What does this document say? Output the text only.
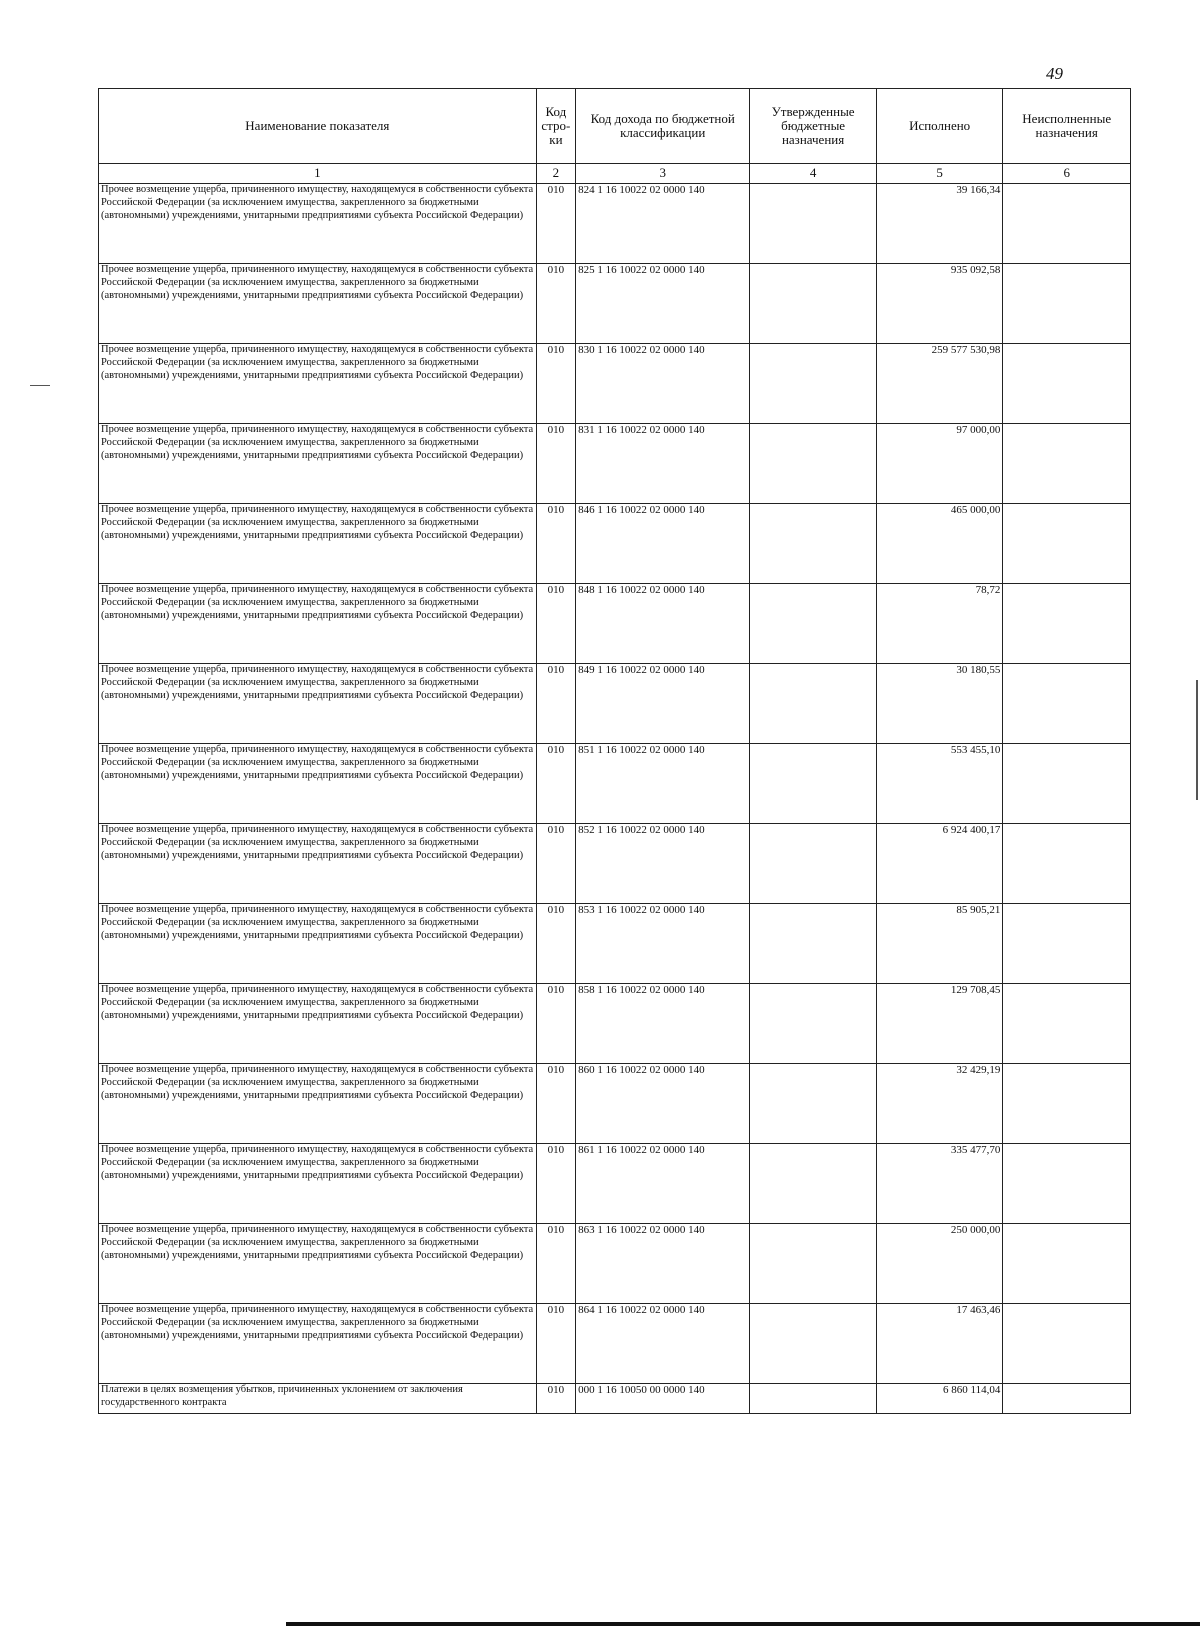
49
Наименование показателя	Код стро-ки	Код дохода по бюджетной классификации	Утвержденные бюджетные назначения	Исполнено	Неисполненные назначения
1	2	3	4	5	6
Прочее возмещение ущерба, причиненного имуществу, находящемуся в собственности субъекта Российской Федерации (за исключением имущества, закрепленного за бюджетными (автономными) учреждениями, унитарными предприятиями субъекта Российской Федерации)	010	824 1 16 10022 02 0000 140		39 166,34	
Прочее возмещение ущерба, причиненного имуществу, находящемуся в собственности субъекта Российской Федерации (за исключением имущества, закрепленного за бюджетными (автономными) учреждениями, унитарными предприятиями субъекта Российской Федерации)	010	825 1 16 10022 02 0000 140		935 092,58	
Прочее возмещение ущерба, причиненного имуществу, находящемуся в собственности субъекта Российской Федерации (за исключением имущества, закрепленного за бюджетными (автономными) учреждениями, унитарными предприятиями субъекта Российской Федерации)	010	830 1 16 10022 02 0000 140		259 577 530,98	
Прочее возмещение ущерба, причиненного имуществу, находящемуся в собственности субъекта Российской Федерации (за исключением имущества, закрепленного за бюджетными (автономными) учреждениями, унитарными предприятиями субъекта Российской Федерации)	010	831 1 16 10022 02 0000 140		97 000,00	
Прочее возмещение ущерба, причиненного имуществу, находящемуся в собственности субъекта Российской Федерации (за исключением имущества, закрепленного за бюджетными (автономными) учреждениями, унитарными предприятиями субъекта Российской Федерации)	010	846 1 16 10022 02 0000 140		465 000,00	
Прочее возмещение ущерба, причиненного имуществу, находящемуся в собственности субъекта Российской Федерации (за исключением имущества, закрепленного за бюджетными (автономными) учреждениями, унитарными предприятиями субъекта Российской Федерации)	010	848 1 16 10022 02 0000 140		78,72	
Прочее возмещение ущерба, причиненного имуществу, находящемуся в собственности субъекта Российской Федерации (за исключением имущества, закрепленного за бюджетными (автономными) учреждениями, унитарными предприятиями субъекта Российской Федерации)	010	849 1 16 10022 02 0000 140		30 180,55	
Прочее возмещение ущерба, причиненного имуществу, находящемуся в собственности субъекта Российской Федерации (за исключением имущества, закрепленного за бюджетными (автономными) учреждениями, унитарными предприятиями субъекта Российской Федерации)	010	851 1 16 10022 02 0000 140		553 455,10	
Прочее возмещение ущерба, причиненного имуществу, находящемуся в собственности субъекта Российской Федерации (за исключением имущества, закрепленного за бюджетными (автономными) учреждениями, унитарными предприятиями субъекта Российской Федерации)	010	852 1 16 10022 02 0000 140		6 924 400,17	
Прочее возмещение ущерба, причиненного имуществу, находящемуся в собственности субъекта Российской Федерации (за исключением имущества, закрепленного за бюджетными (автономными) учреждениями, унитарными предприятиями субъекта Российской Федерации)	010	853 1 16 10022 02 0000 140		85 905,21	
Прочее возмещение ущерба, причиненного имуществу, находящемуся в собственности субъекта Российской Федерации (за исключением имущества, закрепленного за бюджетными (автономными) учреждениями, унитарными предприятиями субъекта Российской Федерации)	010	858 1 16 10022 02 0000 140		129 708,45	
Прочее возмещение ущерба, причиненного имуществу, находящемуся в собственности субъекта Российской Федерации (за исключением имущества, закрепленного за бюджетными (автономными) учреждениями, унитарными предприятиями субъекта Российской Федерации)	010	860 1 16 10022 02 0000 140		32 429,19	
Прочее возмещение ущерба, причиненного имуществу, находящемуся в собственности субъекта Российской Федерации (за исключением имущества, закрепленного за бюджетными (автономными) учреждениями, унитарными предприятиями субъекта Российской Федерации)	010	861 1 16 10022 02 0000 140		335 477,70	
Прочее возмещение ущерба, причиненного имуществу, находящемуся в собственности субъекта Российской Федерации (за исключением имущества, закрепленного за бюджетными (автономными) учреждениями, унитарными предприятиями субъекта Российской Федерации)	010	863 1 16 10022 02 0000 140		250 000,00	
Прочее возмещение ущерба, причиненного имуществу, находящемуся в собственности субъекта Российской Федерации (за исключением имущества, закрепленного за бюджетными (автономными) учреждениями, унитарными предприятиями субъекта Российской Федерации)	010	864 1 16 10022 02 0000 140		17 463,46	
Платежи в целях возмещения убытков, причиненных уклонением от заключения государственного контракта	010	000 1 16 10050 00 0000 140		6 860 114,04	
